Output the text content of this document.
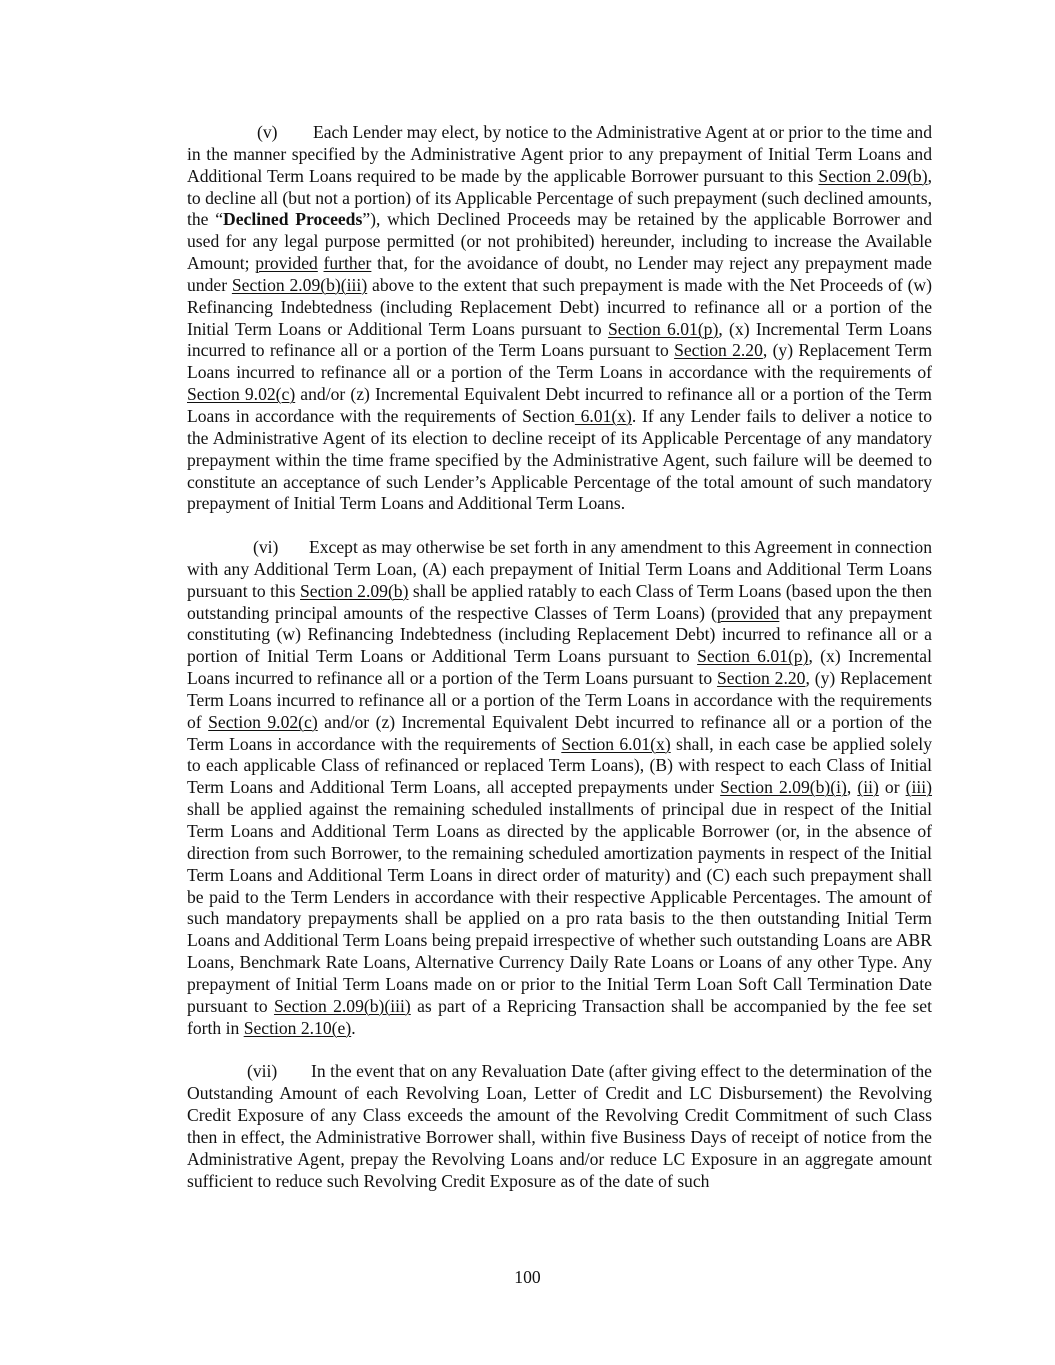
(v) Each Lender may elect, by notice to the Administrative Agent at or prior to the time and in the manner specified by the Administrative Agent prior to any prepayment of Initial Term Loans and Additional Term Loans required to be made by the applicable Borrower pursuant to this Section 2.09(b), to decline all (but not a portion) of its Applicable Percentage of such prepayment (such declined amounts, the “Declined Proceeds”), which Declined Proceeds may be retained by the applicable Borrower and used for any legal purpose permitted (or not prohibited) hereunder, including to increase the Available Amount; provided further that, for the avoidance of doubt, no Lender may reject any prepayment made under Section 2.09(b)(iii) above to the extent that such prepayment is made with the Net Proceeds of (w) Refinancing Indebtedness (including Replacement Debt) incurred to refinance all or a portion of the Initial Term Loans or Additional Term Loans pursuant to Section 6.01(p), (x) Incremental Term Loans incurred to refinance all or a portion of the Term Loans pursuant to Section 2.20, (y) Replacement Term Loans incurred to refinance all or a portion of the Term Loans in accordance with the requirements of Section 9.02(c) and/or (z) Incremental Equivalent Debt incurred to refinance all or a portion of the Term Loans in accordance with the requirements of Section 6.01(x). If any Lender fails to deliver a notice to the Administrative Agent of its election to decline receipt of its Applicable Percentage of any mandatory prepayment within the time frame specified by the Administrative Agent, such failure will be deemed to constitute an acceptance of such Lender’s Applicable Percentage of the total amount of such mandatory prepayment of Initial Term Loans and Additional Term Loans.

(vi) Except as may otherwise be set forth in any amendment to this Agreement in connection with any Additional Term Loan, (A) each prepayment of Initial Term Loans and Additional Term Loans pursuant to this Section 2.09(b) shall be applied ratably to each Class of Term Loans (based upon the then outstanding principal amounts of the respective Classes of Term Loans) (provided that any prepayment constituting (w) Refinancing Indebtedness (including Replacement Debt) incurred to refinance all or a portion of Initial Term Loans or Additional Term Loans pursuant to Section 6.01(p), (x) Incremental Loans incurred to refinance all or a portion of the Term Loans pursuant to Section 2.20, (y) Replacement Term Loans incurred to refinance all or a portion of the Term Loans in accordance with the requirements of Section 9.02(c) and/or (z) Incremental Equivalent Debt incurred to refinance all or a portion of the Term Loans in accordance with the requirements of Section 6.01(x) shall, in each case be applied solely to each applicable Class of refinanced or replaced Term Loans), (B) with respect to each Class of Initial Term Loans and Additional Term Loans, all accepted prepayments under Section 2.09(b)(i), (ii) or (iii) shall be applied against the remaining scheduled installments of principal due in respect of the Initial Term Loans and Additional Term Loans as directed by the applicable Borrower (or, in the absence of direction from such Borrower, to the remaining scheduled amortization payments in respect of the Initial Term Loans and Additional Term Loans in direct order of maturity) and (C) each such prepayment shall be paid to the Term Lenders in accordance with their respective Applicable Percentages. The amount of such mandatory prepayments shall be applied on a pro rata basis to the then outstanding Initial Term Loans and Additional Term Loans being prepaid irrespective of whether such outstanding Loans are ABR Loans, Benchmark Rate Loans, Alternative Currency Daily Rate Loans or Loans of any other Type. Any prepayment of Initial Term Loans made on or prior to the Initial Term Loan Soft Call Termination Date pursuant to Section 2.09(b)(iii) as part of a Repricing Transaction shall be accompanied by the fee set forth in Section 2.10(e).

(vii) In the event that on any Revaluation Date (after giving effect to the determination of the Outstanding Amount of each Revolving Loan, Letter of Credit and LC Disbursement) the Revolving Credit Exposure of any Class exceeds the amount of the Revolving Credit Commitment of such Class then in effect, the Administrative Borrower shall, within five Business Days of receipt of notice from the Administrative Agent, prepay the Revolving Loans and/or reduce LC Exposure in an aggregate amount sufficient to reduce such Revolving Credit Exposure as of the date of such

100
